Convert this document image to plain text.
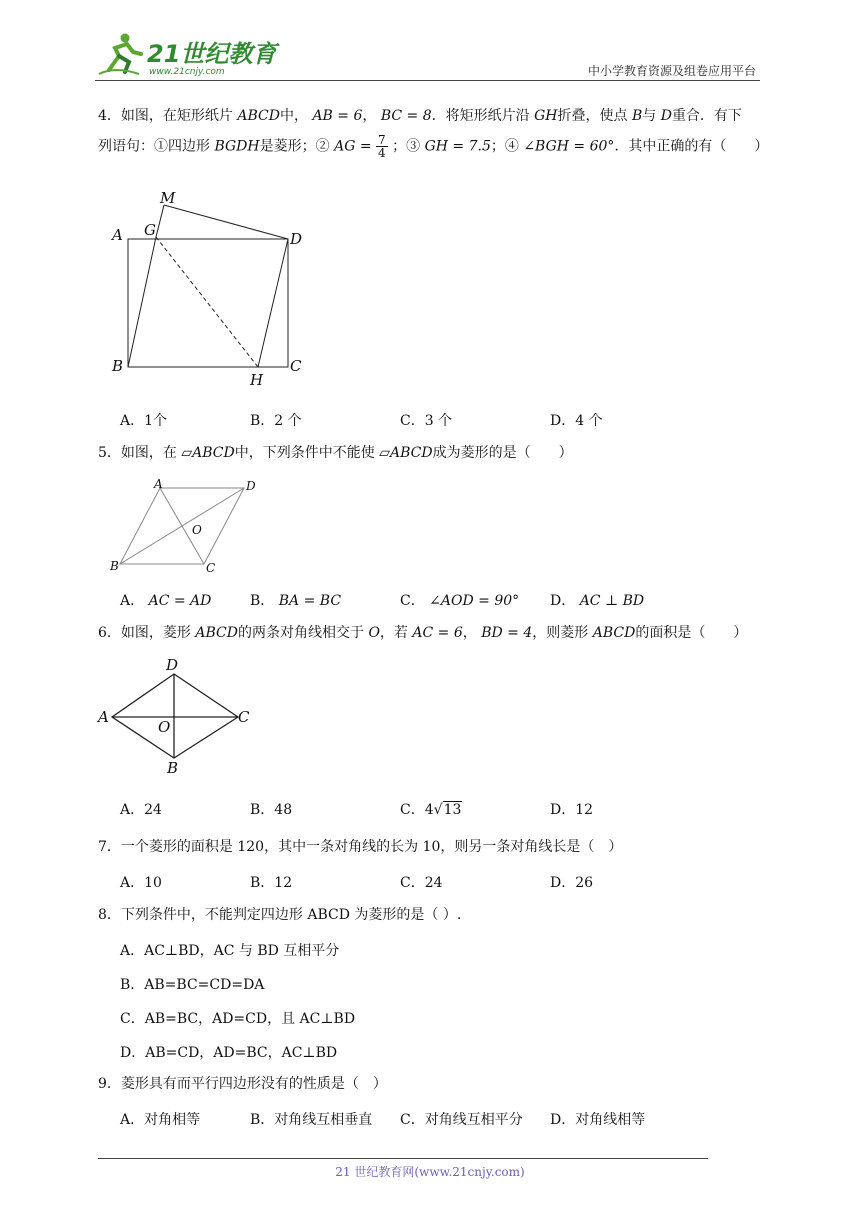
21世纪教育
www.21cnjy.com	中小学教育资源及组卷应用平台
4．如图，在矩形纸片 ABCD中， AB = 6， BC = 8．将矩形纸片沿 GH折叠，使点 B与 D重合．有下
列语句：①四边形 BGDH是菱形；② AG = $\frac{7}{4}$ ；③ GH = 7.5；④ ∠BGH = 60°．其中正确的有（　　）
M
A G	D
B
H
C
A．1个	B．2 个	C．3 个	D．4 个
5．如图，在 ▱ABCD中，下列条件中不能使 ▱ABCD成为菱形的是（　　）
A	D
O
B	C
A． AC = AD	B． BA = BC	C． ∠AOD = 90° D． AC ⊥ BD
6．如图，菱形 ABCD的两条对角线相交于 O，若 AC = 6， BD = 4，则菱形 ABCD的面积是（　　）
D
A
O
C
B
A．24	B．48	C．4√13	D．12
7．一个菱形的面积是 120，其中一条对角线的长为 10，则另一条对角线长是（　）
A．10	B．12	C．24	D．26
8．下列条件中，不能判定四边形 ABCD 为菱形的是（ ）.
A．AC⊥BD，AC 与 BD 互相平分
B．AB=BC=CD=DA
C．AB=BC，AD=CD，且 AC⊥BD
D．AB=CD，AD=BC，AC⊥BD
9．菱形具有而平行四边形没有的性质是（　）
A．对角相等	B．对角线互相垂直 C．对角线互相平分 D．对角线相等
21 世纪教育网(www.21cnjy.com)
